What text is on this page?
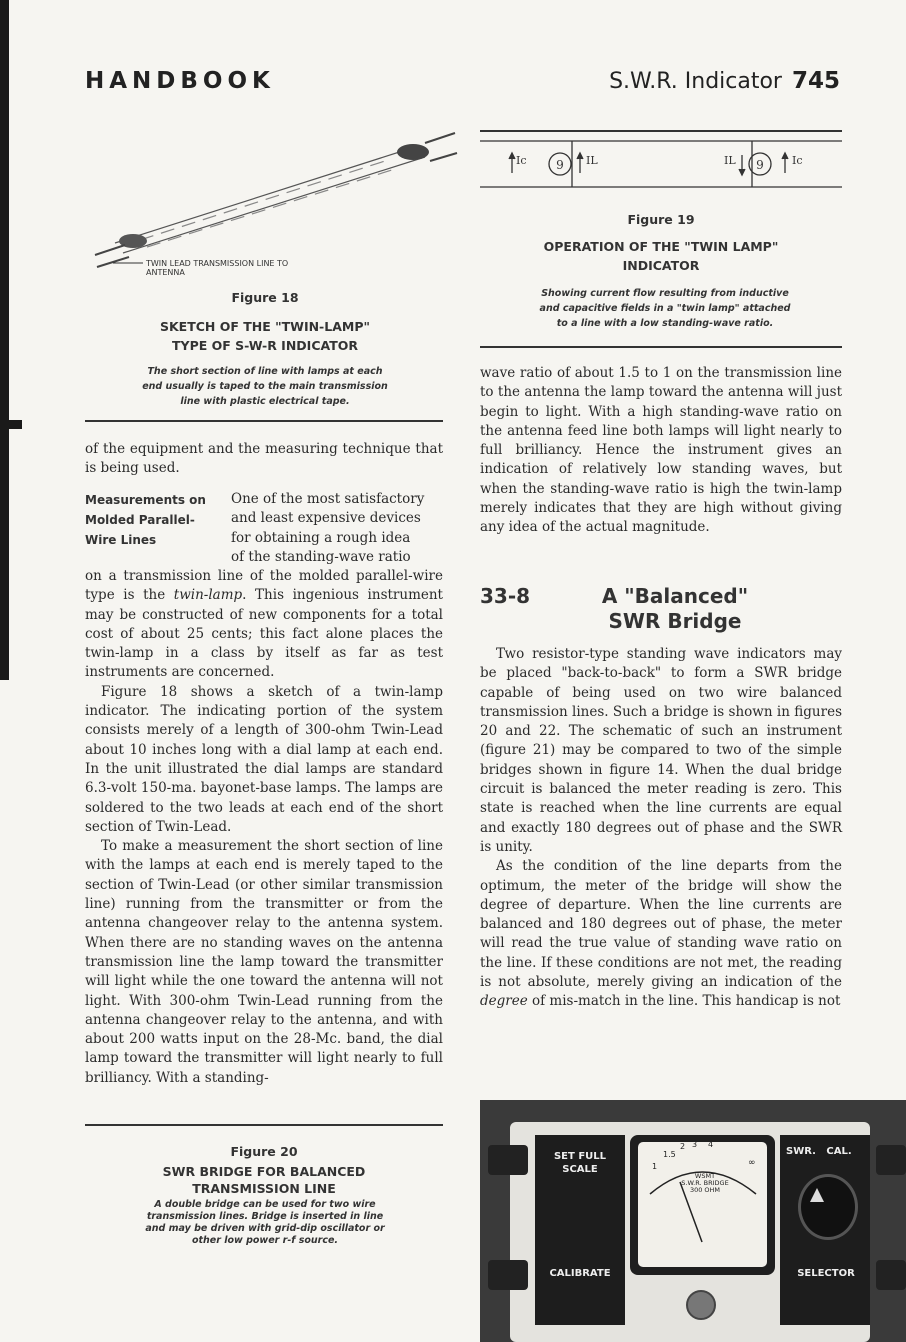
HANDBOOK	S.W.R. Indicator 745
TWIN LEAD TRANSMISSION LINE TO ANTENNA
Figure 18
SKETCH OF THE "TWIN-LAMP"
TYPE OF S-W-R INDICATOR
The short section of line with lamps at each
end usually is taped to the main transmission
line with plastic electrical tape.

of the equipment and the measuring technique that is being used.

Measurements on
Molded Parallel-
Wire Lines
One of the most satisfactory
and least expensive devices
for obtaining a rough idea
of the standing-wave ratio

on a transmission line of the molded parallel-wire type is the twin-lamp. This ingenious instrument may be constructed of new components for a total cost of about 25 cents; this fact alone places the twin-lamp in a class by itself as far as test instruments are concerned.

Figure 18 shows a sketch of a twin-lamp indicator. The indicating portion of the system consists merely of a length of 300-ohm Twin-Lead about 10 inches long with a dial lamp at each end. In the unit illustrated the dial lamps are standard 6.3-volt 150-ma. bayonet-base lamps. The lamps are soldered to the two leads at each end of the short section of Twin-Lead.

To make a measurement the short section of line with the lamps at each end is merely taped to the section of Twin-Lead (or other similar transmission line) running from the transmitter or from the antenna changeover relay to the antenna system. When there are no standing waves on the antenna transmission line the lamp toward the transmitter will light while the one toward the antenna will not light. With 300-ohm Twin-Lead running from the antenna changeover relay to the antenna, and with about 200 watts input on the 28-Mc. band, the dial lamp toward the transmitter will light nearly to full brilliancy. With a standing-

Figure 20
SWR BRIDGE FOR BALANCED
TRANSMISSION LINE
A double bridge can be used for two wire
transmission lines. Bridge is inserted in line
and may be driven with grid-dip oscillator or
other low power r-f source.
9	9
Ic	IL	IL	Ic
Figure 19
OPERATION OF THE "TWIN LAMP"
INDICATOR
Showing current flow resulting from inductive
and capacitive fields in a "twin lamp" attached
to a line with a low standing-wave ratio.

wave ratio of about 1.5 to 1 on the transmission line to the antenna the lamp toward the antenna will just begin to light. With a high standing-wave ratio on the antenna feed line both lamps will light nearly to full brilliancy. Hence the instrument gives an indication of relatively low standing waves, but when the standing-wave ratio is high the twin-lamp merely indicates that they are high without giving any idea of the actual magnitude.

33-8	A "Balanced"
SWR Bridge

Two resistor-type standing wave indicators may be placed "back-to-back" to form a SWR bridge capable of being used on two wire balanced transmission lines. Such a bridge is shown in figures 20 and 22. The schematic of such an instrument (figure 21) may be compared to two of the simple bridges shown in figure 14. When the dual bridge circuit is balanced the meter reading is zero. This state is reached when the line currents are equal and exactly 180 degrees out of phase and the SWR is unity.

As the condition of the line departs from the optimum, the meter of the bridge will show the degree of departure. When the line currents are balanced and 180 degrees out of phase, the meter will read the true value of standing wave ratio on the line. If these conditions are not met, the reading is not absolute, merely giving an indication of the degree of mis-match in the line. This handicap is not

SET FULL
SCALE
CALIBRATE
SWR. CAL.
SELECTOR
1
1.5
2 3 4
∞
WSMT
S.W.R. BRIDGE
300 OHM
